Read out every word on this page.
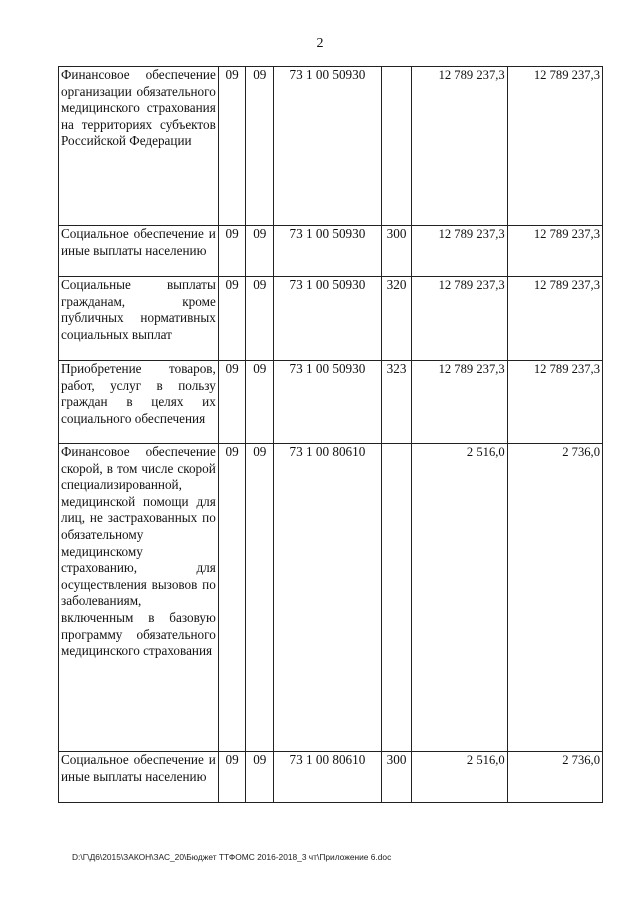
2
Финансовое обеспечение организации обязательного медицинского страхования на территориях субъектов Российской Федерации	09	09	73 1 00 50930		12 789 237,3	12 789 237,3
Социальное обеспечение и иные выплаты населению	09	09	73 1 00 50930	300	12 789 237,3	12 789 237,3
Социальные выплаты гражданам, кроме публичных нормативных социальных выплат	09	09	73 1 00 50930	320	12 789 237,3	12 789 237,3
Приобретение товаров, работ, услуг в пользу граждан в целях их социального обеспечения	09	09	73 1 00 50930	323	12 789 237,3	12 789 237,3
Финансовое обеспечение скорой, в том числе скорой специализированной, медицинской помощи для лиц, не застрахованных по обязательному медицинскому страхованию, для осуществления вызовов по заболеваниям, включенным в базовую программу обязательного медицинского страхования	09	09	73 1 00 80610		2 516,0	2 736,0
Социальное обеспечение и иные выплаты населению	09	09	73 1 00 80610	300	2 516,0	2 736,0
D:\Г\Д6\2015\ЗАКОН\ЗАС_20\Бюджет ТТФОМС 2016-2018_3 чт\Приложение 6.doc
